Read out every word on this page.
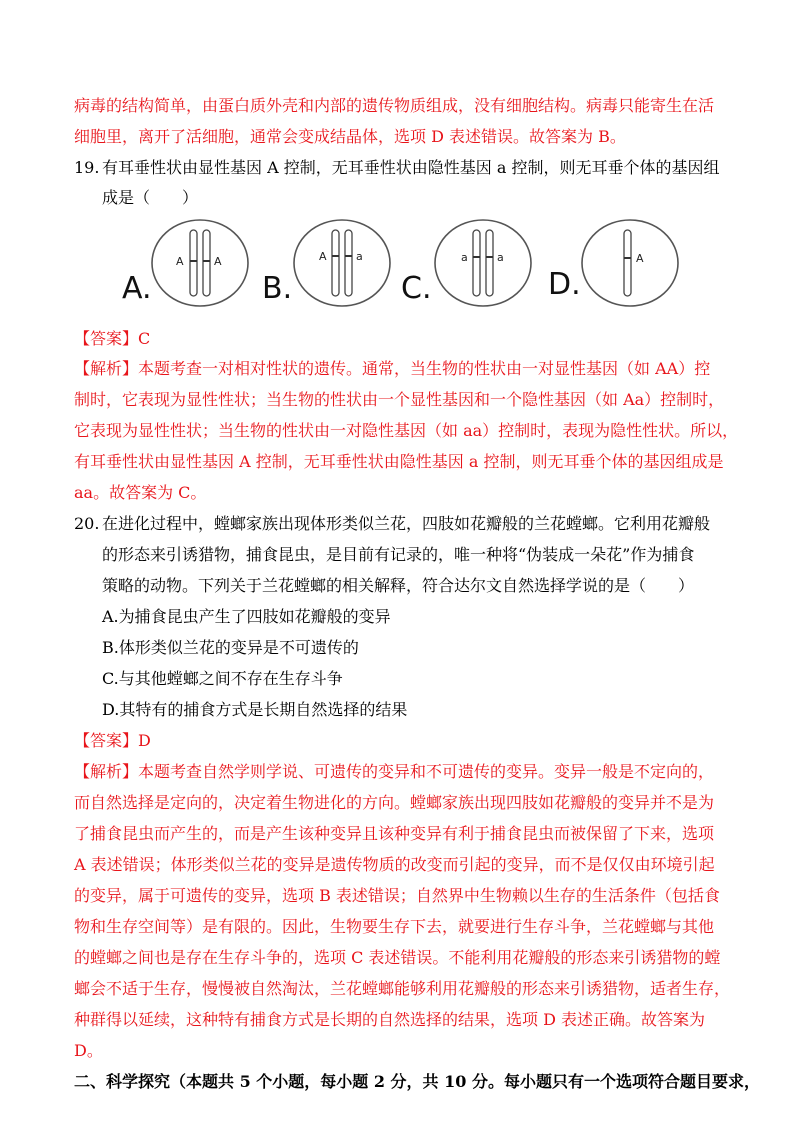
病毒的结构简单，由蛋白质外壳和内部的遗传物质组成，没有细胞结构。病毒只能寄生在活
细胞里，离开了活细胞，通常会变成结晶体，选项 D 表述错误。故答案为 B。
19. 有耳垂性状由显性基因 A 控制，无耳垂性状由隐性基因 a 控制，则无耳垂个体的基因组
成是（　　）
A	A
A.
A	a
B.
a	a
C.
A
D.
【答案】C
【解析】本题考查一对相对性状的遗传。通常，当生物的性状由一对显性基因（如 AA）控
制时，它表现为显性性状；当生物的性状由一个显性基因和一个隐性基因（如 Aa）控制时，
它表现为显性性状；当生物的性状由一对隐性基因（如 aa）控制时，表现为隐性性状。所以，
有耳垂性状由显性基因 A 控制，无耳垂性状由隐性基因 a 控制，则无耳垂个体的基因组成是
aa。故答案为 C。
20. 在进化过程中，螳螂家族出现体形类似兰花，四肢如花瓣般的兰花螳螂。它利用花瓣般
的形态来引诱猎物，捕食昆虫，是目前有记录的，唯一种将“伪装成一朵花”作为捕食
策略的动物。下列关于兰花螳螂的相关解释，符合达尔文自然选择学说的是（　　）
A.为捕食昆虫产生了四肢如花瓣般的变异
B.体形类似兰花的变异是不可遗传的
C.与其他螳螂之间不存在生存斗争
D.其特有的捕食方式是长期自然选择的结果
【答案】D
【解析】本题考查自然学则学说、可遗传的变异和不可遗传的变异。变异一般是不定向的，
而自然选择是定向的，决定着生物进化的方向。螳螂家族出现四肢如花瓣般的变异并不是为
了捕食昆虫而产生的，而是产生该种变异且该种变异有利于捕食昆虫而被保留了下来，选项
A 表述错误；体形类似兰花的变异是遗传物质的改变而引起的变异，而不是仅仅由环境引起
的变异，属于可遗传的变异，选项 B 表述错误；自然界中生物赖以生存的生活条件（包括食
物和生存空间等）是有限的。因此，生物要生存下去，就要进行生存斗争，兰花螳螂与其他
的螳螂之间也是存在生存斗争的，选项 C 表述错误。不能利用花瓣般的形态来引诱猎物的螳
螂会不适于生存，慢慢被自然淘汰，兰花螳螂能够利用花瓣般的形态来引诱猎物，适者生存，
种群得以延续，这种特有捕食方式是长期的自然选择的结果，选项 D 表述正确。故答案为
D。
二、科学探究（本题共 5 个小题，每小题 2 分，共 10 分。每小题只有一个选项符合题目要求，
